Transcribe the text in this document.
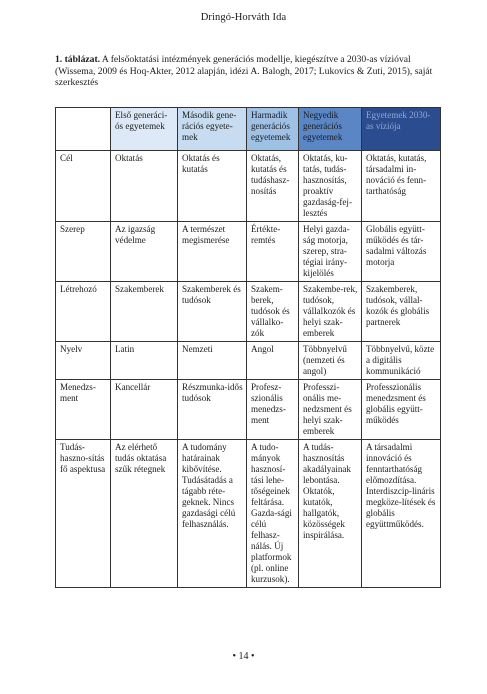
Dringó-Horváth Ida
1. táblázat. A felsőoktatási intézmények generációs modellje, kiegészítve a 2030-as vízióval (Wissema, 2009 és Hoq-Akter, 2012 alapján, idézi A. Balogh, 2017; Lukovics & Zuti, 2015), saját szerkesztés
	Első generáci-ós egyetemek	Második gene-rációs egyete-mek	Harmadik generációs egyetemek	Negyedik generációs egyetemek	Egyetemek 2030-as víziója
Cél	Oktatás	Oktatás és kutatás	Oktatás, kutatás és tudáshasz-nosítás	Oktatás, ku-tatás, tudás-hasznosítás, proaktív gazdaság-fej-lesztés	Oktatás, kutatás, társadalmi in-nováció és fenn-tarthatóság
Szerep	Az igazság védelme	A természet megismerése	Értékte-remtés	Helyi gazda-ság motorja, szerep, stra-tégiai irány-kijelölés	Globális együtt-működés és tár-sadalmi változás motorja
Létrehozó	Szakemberek	Szakemberek és tudósok	Szakem-berek, tudósok és vállalko-zók	Szakembe-rek, tudósok, vállalkozók és helyi szak-emberek	Szakemberek, tudósok, vállal-kozók és globális partnerek
Nyelv	Latin	Nemzeti	Angol	Többnyelvű (nemzeti és angol)	Többnyelvű, közte a digitális kommunikáció
Menedzs-ment	Kancellár	Részmunka-idős tudósok	Profesz-szionális menedzs-ment	Professzi-onális me-nedzsment és helyi szak-emberek	Professzionális menedzsment és globális együtt-működés
Tudás-haszno-sítás fő aspektusa	Az elérhető tudás oktatása szűk rétegnek	A tudomány határainak kibővítése. Tudásátadás a tágabb réte-geknek. Nincs gazdasági célú felhasználás.	A tudo-mányok hasznosí-tási lehe-tőségeinek feltárása. Gazda-sági célú felhasz-nálás. Új platformok (pl. online kurzusok).	A tudás-hasznosítás akadályainak lebontása. Oktatók, kutatók, hallgatók, közösségek inspirálása.	A társadalmi innováció és fenntarthatóság előmozdítása. Interdiszcip-lináris megköze-lítések és globális együttműködés.
• 14 •
